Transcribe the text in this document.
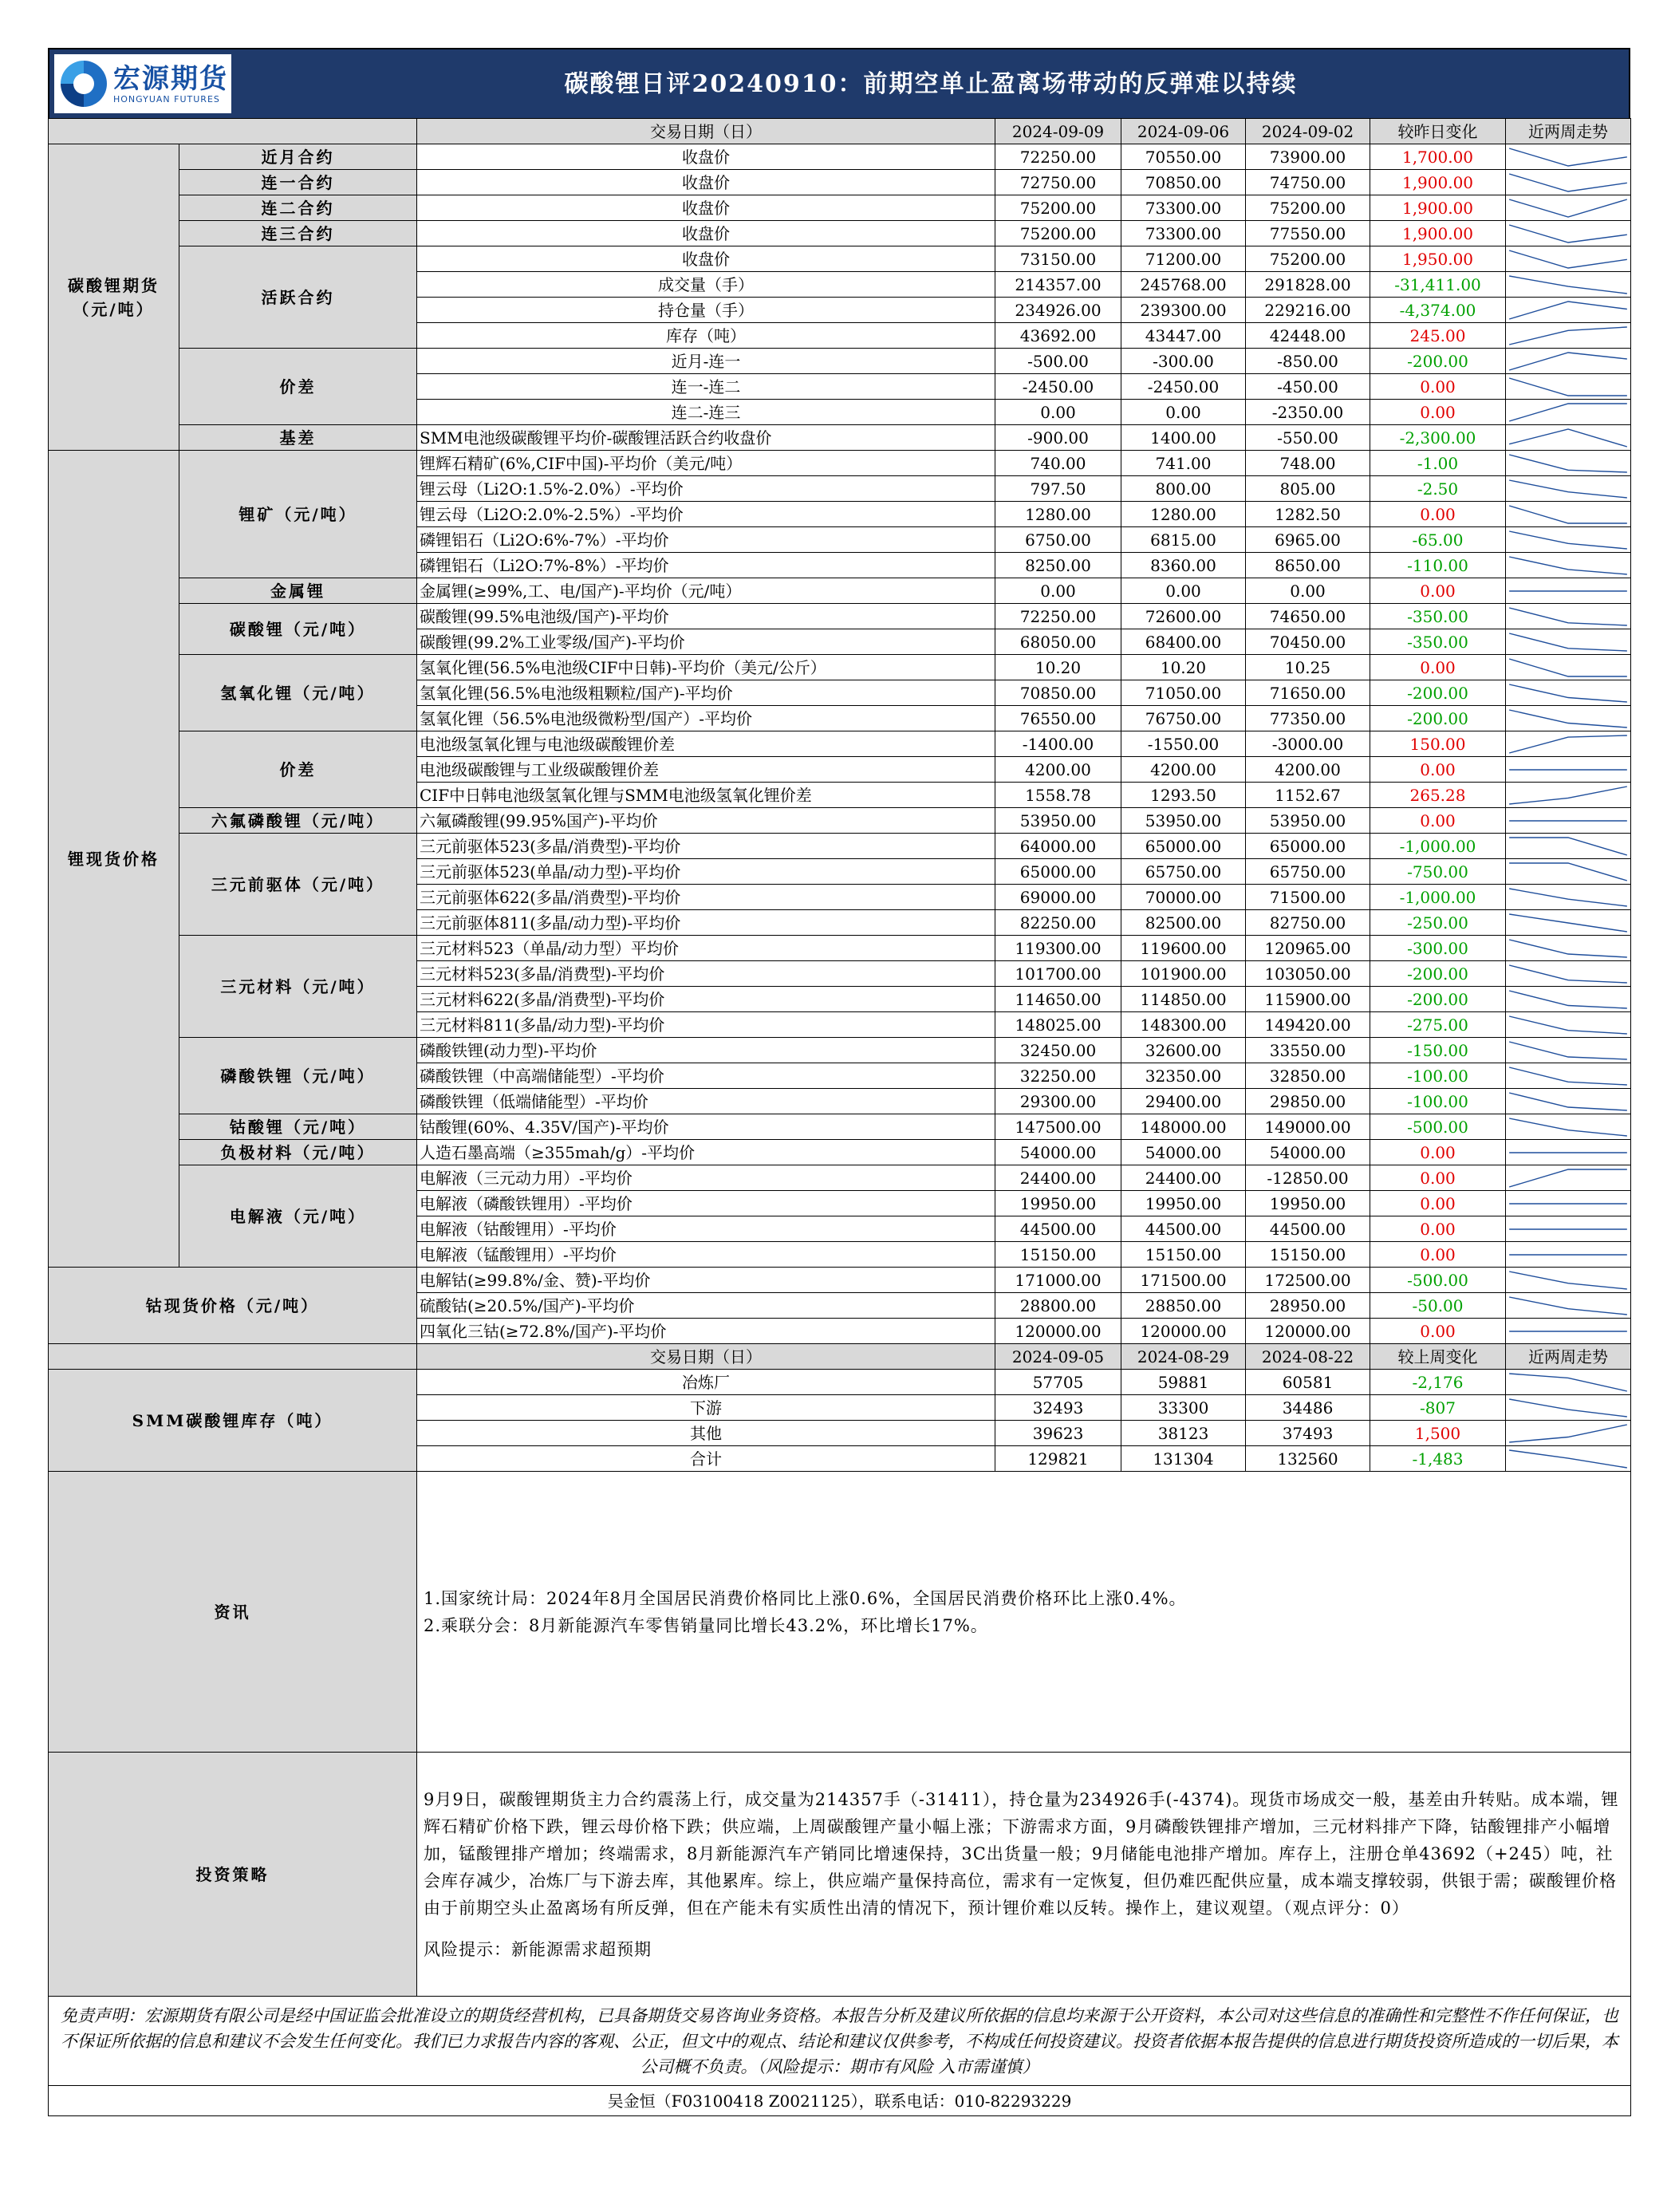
宏源期货
HONGYUAN FUTURES
碳酸锂日评20240910：前期空单止盈离场带动的反弹难以持续
		交易日期（日）	2024-09-09	2024-09-06	2024-09-02	较昨日变化	近两周走势
碳酸锂期货
（元/吨）	近月合约	收盘价	72250.00	70550.00	73900.00	1,700.00	

	连一合约	收盘价	72750.00	70850.00	74750.00	1,900.00	

	连二合约	收盘价	75200.00	73300.00	75200.00	1,900.00	

	连三合约	收盘价	75200.00	73300.00	77550.00	1,900.00	

	活跃合约	收盘价	73150.00	71200.00	75200.00	1,950.00	

		成交量（手）	214357.00	245768.00	291828.00	-31,411.00	

		持仓量（手）	234926.00	239300.00	229216.00	-4,374.00	

		库存（吨）	43692.00	43447.00	42448.00	245.00	

	价差	近月-连一	-500.00	-300.00	-850.00	-200.00	

		连一-连二	-2450.00	-2450.00	-450.00	0.00	

		连二-连三	0.00	0.00	-2350.00	0.00	

	基差	SMM电池级碳酸锂平均价-碳酸锂活跃合约收盘价	-900.00	1400.00	-550.00	-2,300.00	

锂现货价格	锂矿（元/吨）	锂辉石精矿(6%,CIF中国)-平均价（美元/吨）	740.00	741.00	748.00	-1.00	

		锂云母（Li2O:1.5%-2.0%）-平均价	797.50	800.00	805.00	-2.50	

		锂云母（Li2O:2.0%-2.5%）-平均价	1280.00	1280.00	1282.50	0.00	

		磷锂铝石（Li2O:6%-7%）-平均价	6750.00	6815.00	6965.00	-65.00	

		磷锂铝石（Li2O:7%-8%）-平均价	8250.00	8360.00	8650.00	-110.00	

	金属锂	金属锂(≥99%,工、电/国产)-平均价（元/吨）	0.00	0.00	0.00	0.00	

	碳酸锂（元/吨）	碳酸锂(99.5%电池级/国产)-平均价	72250.00	72600.00	74650.00	-350.00	

		碳酸锂(99.2%工业零级/国产)-平均价	68050.00	68400.00	70450.00	-350.00	

	氢氧化锂（元/吨）	氢氧化锂(56.5%电池级CIF中日韩)-平均价（美元/公斤）	10.20	10.20	10.25	0.00	

		氢氧化锂(56.5%电池级粗颗粒/国产)-平均价	70850.00	71050.00	71650.00	-200.00	

		氢氧化锂（56.5%电池级微粉型/国产）-平均价	76550.00	76750.00	77350.00	-200.00	

	价差	电池级氢氧化锂与电池级碳酸锂价差	-1400.00	-1550.00	-3000.00	150.00	

		电池级碳酸锂与工业级碳酸锂价差	4200.00	4200.00	4200.00	0.00	

		CIF中日韩电池级氢氧化锂与SMM电池级氢氧化锂价差	1558.78	1293.50	1152.67	265.28	

	六氟磷酸锂（元/吨）	六氟磷酸锂(99.95%国产)-平均价	53950.00	53950.00	53950.00	0.00	

	三元前驱体（元/吨）	三元前驱体523(多晶/消费型)-平均价	64000.00	65000.00	65000.00	-1,000.00	

		三元前驱体523(单晶/动力型)-平均价	65000.00	65750.00	65750.00	-750.00	

		三元前驱体622(多晶/消费型)-平均价	69000.00	70000.00	71500.00	-1,000.00	

		三元前驱体811(多晶/动力型)-平均价	82250.00	82500.00	82750.00	-250.00	

	三元材料（元/吨）	三元材料523（单晶/动力型）平均价	119300.00	119600.00	120965.00	-300.00	

		三元材料523(多晶/消费型)-平均价	101700.00	101900.00	103050.00	-200.00	

		三元材料622(多晶/消费型)-平均价	114650.00	114850.00	115900.00	-200.00	

		三元材料811(多晶/动力型)-平均价	148025.00	148300.00	149420.00	-275.00	

	磷酸铁锂（元/吨）	磷酸铁锂(动力型)-平均价	32450.00	32600.00	33550.00	-150.00	

		磷酸铁锂（中高端储能型）-平均价	32250.00	32350.00	32850.00	-100.00	

		磷酸铁锂（低端储能型）-平均价	29300.00	29400.00	29850.00	-100.00	

	钴酸锂（元/吨）	钴酸锂(60%、4.35V/国产)-平均价	147500.00	148000.00	149000.00	-500.00	

	负极材料（元/吨）	人造石墨高端（≥355mah/g）-平均价	54000.00	54000.00	54000.00	0.00	

	电解液（元/吨）	电解液（三元动力用）-平均价	24400.00	24400.00	-12850.00	0.00	

		电解液（磷酸铁锂用）-平均价	19950.00	19950.00	19950.00	0.00	

		电解液（钴酸锂用）-平均价	44500.00	44500.00	44500.00	0.00	

		电解液（锰酸锂用）-平均价	15150.00	15150.00	15150.00	0.00	

钴现货价格（元/吨）		电解钴(≥99.8%/金、赞)-平均价	171000.00	171500.00	172500.00	-500.00	

		硫酸钴(≥20.5%/国产)-平均价	28800.00	28850.00	28950.00	-50.00	

		四氧化三钴(≥72.8%/国产)-平均价	120000.00	120000.00	120000.00	0.00	

		交易日期（日）	2024-09-05	2024-08-29	2024-08-22	较上周变化	近两周走势
SMM碳酸锂库存（吨）		冶炼厂	57705	59881	60581	-2,176	

		下游	32493	33300	34486	-807	

		其他	39623	38123	37493	1,500	

		合计	129821	131304	132560	-1,483	

资讯		1.国家统计局：2024年8月全国居民消费价格同比上涨0.6%，全国居民消费价格环比上涨0.4%。
2.乘联分会：8月新能源汽车零售销量同比增长43.2%，环比增长17%。					

投资策略		9月9日，碳酸锂期货主力合约震荡上行，成交量为214357手（-31411），持仓量为234926手(-4374)。现货市场成交一般，基差由升转贴。成本端，锂辉石精矿价格下跌，锂云母价格下跌；供应端，上周碳酸锂产量小幅上涨；下游需求方面，9月磷酸铁锂排产增加，三元材料排产下降，钴酸锂排产小幅增加，锰酸锂排产增加；终端需求，8月新能源汽车产销同比增速保持，3C出货量一般；9月储能电池排产增加。库存上，注册仓单43692（+245）吨，社会库存减少，冶炼厂与下游去库，其他累库。综上，供应端产量保持高位，需求有一定恢复，但仍难匹配供应量，成本端支撑较弱，供银于需；碳酸锂价格由于前期空头止盈离场有所反弹，但在产能未有实质性出清的情况下，预计锂价难以反转。操作上，建议观望。（观点评分：0）
风险提示：新能源需求超预期					

免责声明：宏源期货有限公司是经中国证监会批准设立的期货经营机构，已具备期货交易咨询业务资格。本报告分析及建议所依据的信息均来源于公开资料，本公司对这些信息的准确性和完整性不作任何保证，也不保证所依据的信息和建议不会发生任何变化。我们已力求报告内容的客观、公正，但文中的观点、结论和建议仅供参考，不构成任何投资建议。投资者依据本报告提供的信息进行期货投资所造成的一切后果，本公司概不负责。（风险提示：期市有风险 入市需谨慎）							
吴金恒（F03100418 Z0021125），联系电话：010-82293229							
